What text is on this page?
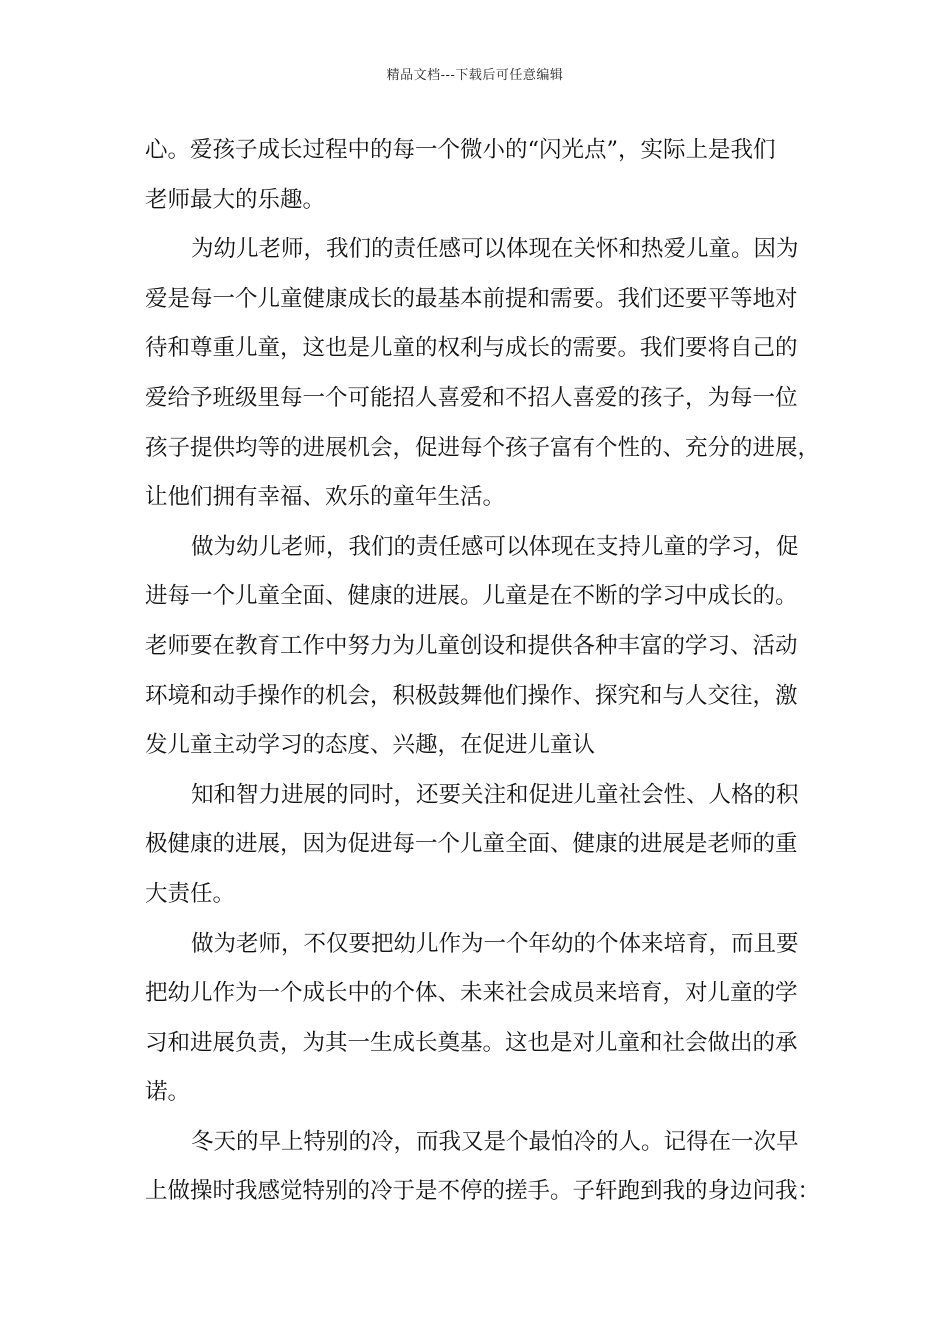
精品文档---下载后可任意编辑
心。爱孩子成长过程中的每一个微小的“闪光点”，实际上是我们
老师最大的乐趣。
为幼儿老师，我们的责任感可以体现在关怀和热爱儿童。因为
爱是每一个儿童健康成长的最基本前提和需要。我们还要平等地对
待和尊重儿童，这也是儿童的权利与成长的需要。我们要将自己的
爱给予班级里每一个可能招人喜爱和不招人喜爱的孩子，为每一位
孩子提供均等的进展机会，促进每个孩子富有个性的、充分的进展，
让他们拥有幸福、欢乐的童年生活。
做为幼儿老师，我们的责任感可以体现在支持儿童的学习，促
进每一个儿童全面、健康的进展。儿童是在不断的学习中成长的。
老师要在教育工作中努力为儿童创设和提供各种丰富的学习、活动
环境和动手操作的机会，积极鼓舞他们操作、探究和与人交往，激
发儿童主动学习的态度、兴趣，在促进儿童认
知和智力进展的同时，还要关注和促进儿童社会性、人格的积
极健康的进展，因为促进每一个儿童全面、健康的进展是老师的重
大责任。
做为老师，不仅要把幼儿作为一个年幼的个体来培育，而且要
把幼儿作为一个成长中的个体、未来社会成员来培育，对儿童的学
习和进展负责，为其一生成长奠基。这也是对儿童和社会做出的承
诺。
冬天的早上特别的冷，而我又是个最怕冷的人。记得在一次早
上做操时我感觉特别的冷于是不停的搓手。子轩跑到我的身边问我：
